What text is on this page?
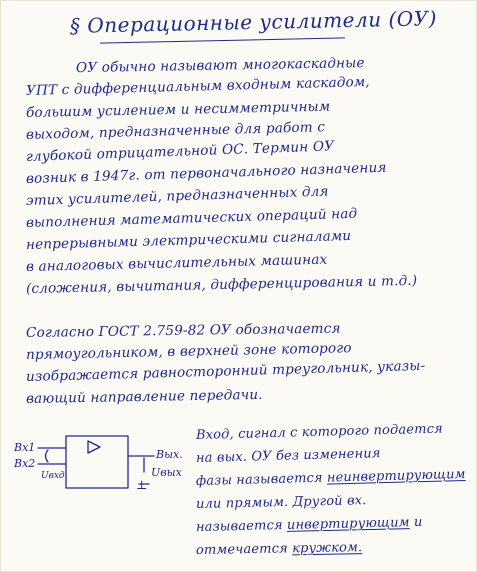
§ Операционные усилители (ОУ)
ОУ обычно называют многокаскадные
УПТ с дифференциальным входным каскадом,
большим усилением и несимметричным
выходом, предназначенные для работ с
глубокой отрицательной ОС. Термин ОУ
возник в 1947г. от первоначального назначения
этих усилителей, предназначенных для
выполнения математических операций над
непрерывными электрическими сигналами
в аналоговых вычислительных машинах
(сложения, вычитания, дифференцирования и т.д.)
Согласно ГОСТ 2.759-82 ОУ обозначается
прямоугольником, в верхней зоне которого
изображается равносторонний треугольник, указы-
вающий направление передачи.
Вх1
Вх2
Uвхд
Вых.
Uвых
⊥
Вход, сигнал с которого подается
на вых. ОУ без изменения
фазы называется неинвертирующим
или прямым. Другой вх.
называется инвертирующим и
отмечается кружком.
